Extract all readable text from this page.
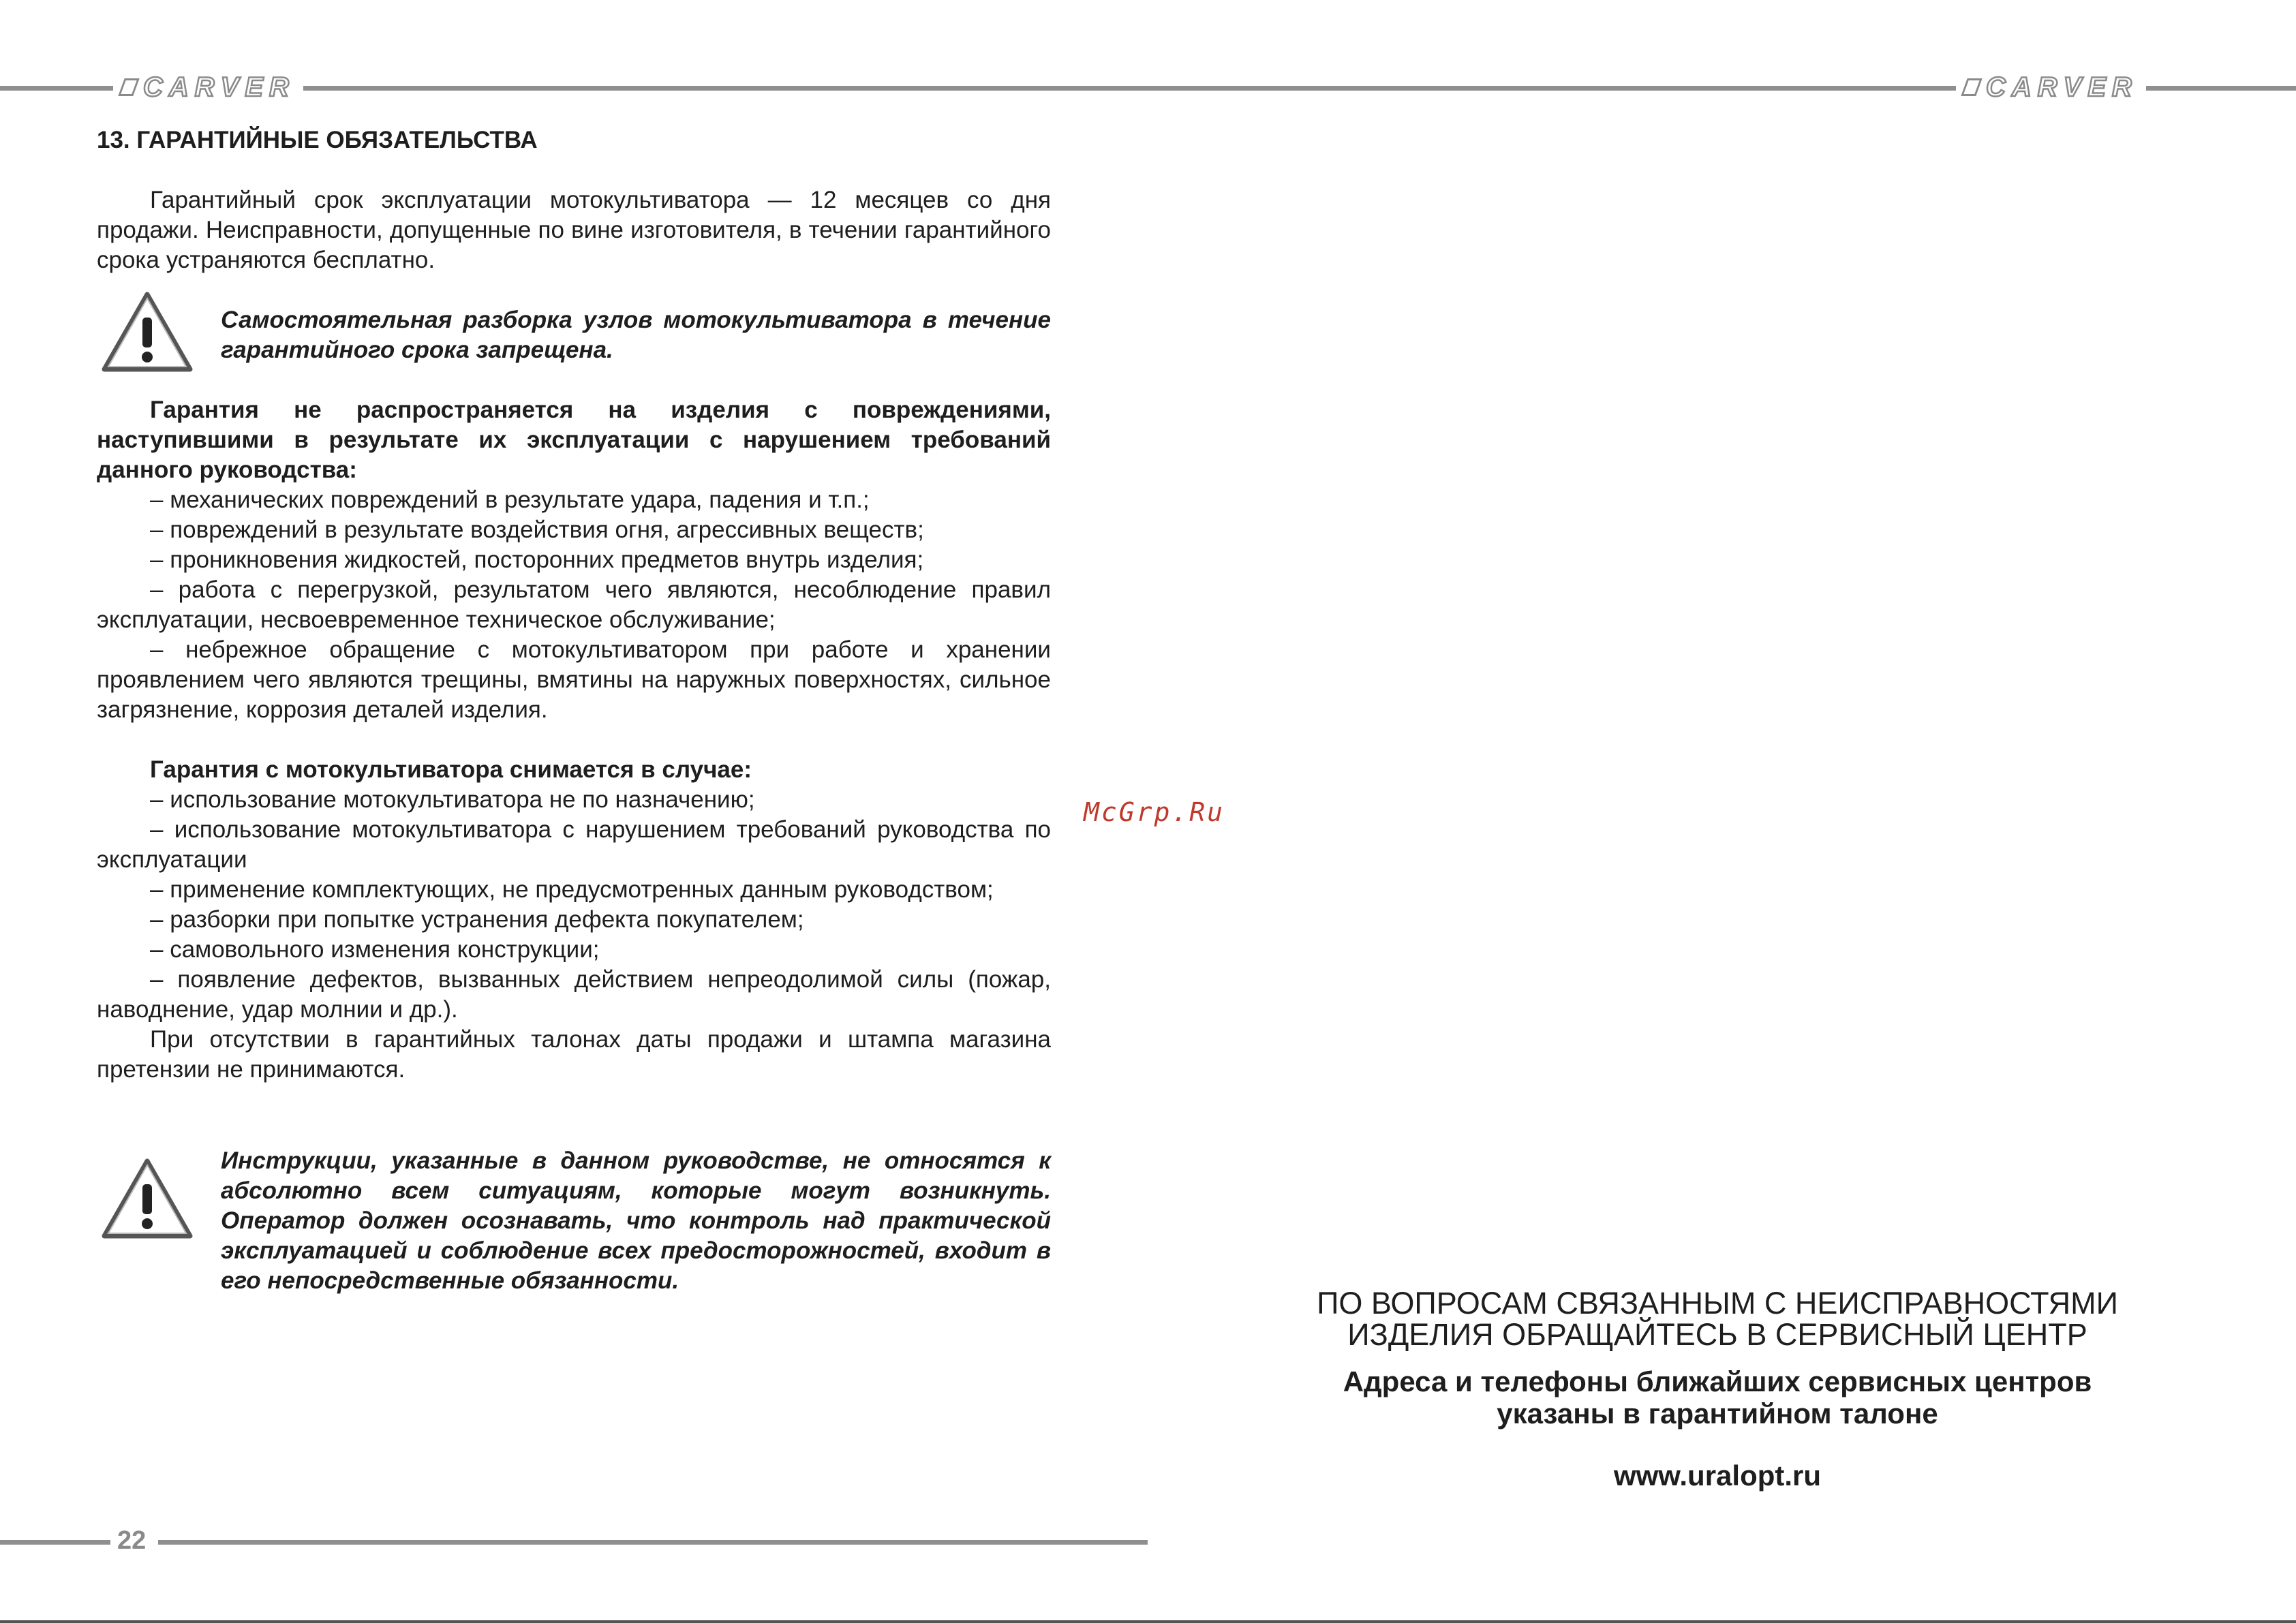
CARVER	CARVER
13. ГАРАНТИЙНЫЕ ОБЯЗАТЕЛЬСТВА

Гарантийный срок эксплуатации мотокультиватора — 12 месяцев со дня продажи. Неисправности, допущенные по вине изготовителя, в течении гарантийного срока устраняются бесплатно.

Самостоятельная разборка узлов мотокультиватора в течение гарантийного срока запрещена.

Гарантия не распространяется на изделия с повреждениями, наступившими в результате их эксплуатации с нарушением требований данного руководства:

– механических повреждений в результате удара, падения и т.п.;

– повреждений в результате воздействия огня, агрессивных веществ;

– проникновения жидкостей, посторонних предметов внутрь изделия;

– работа с перегрузкой, результатом чего являются, несоблюдение правил эксплуатации, несвоевременное техническое обслуживание;

– небрежное обращение с мотокультиватором при работе и хранении проявлением чего являются трещины, вмятины на наружных поверхностях, сильное загрязнение, коррозия деталей изделия.

Гарантия с мотокультиватора снимается в случае:

– использование мотокультиватора не по назначению;

– использование мотокультиватора с нарушением требований руководства по эксплуатации

– применение комплектующих, не предусмотренных данным руководством;

– разборки при попытке устранения дефекта покупателем;

– самовольного изменения конструкции;

– появление дефектов, вызванных действием непреодолимой силы (пожар, наводнение, удар молнии и др.).

При отсутствии в гарантийных талонах даты продажи и штампа магазина претензии не принимаются.

Инструкции, указанные в данном руководстве, не относятся к абсолютно всем ситуациям, которые могут возникнуть. Оператор должен осознавать, что контроль над практической эксплуатацией и соблюдение всех предосторожностей, входит в его непосредственные обязанности.

McGrp.Ru

ПО ВОПРОСАМ СВЯЗАННЫМ С НЕИСПРАВНОСТЯМИ

ИЗДЕЛИЯ ОБРАЩАЙТЕСЬ В СЕРВИСНЫЙ ЦЕНТР

Адреса и телефоны ближайших сервисных центров

указаны в гарантийном талоне

www.uralopt.ru

22
